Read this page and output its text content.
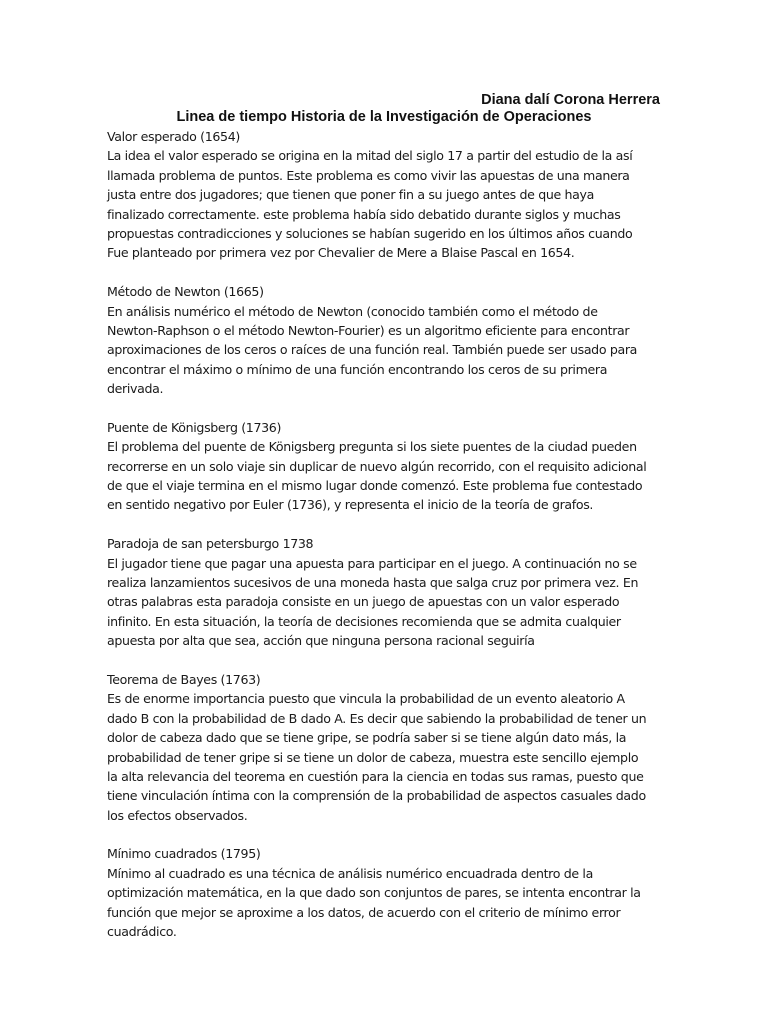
Diana dalí Corona Herrera
Linea de tiempo Historia de la Investigación de Operaciones
Valor esperado (1654)
La idea el valor esperado se origina en la mitad del siglo 17 a partir del estudio de la así
llamada problema de puntos. Este problema es como vivir las apuestas de una manera
justa entre dos jugadores; que tienen que poner fin a su juego antes de que haya
finalizado correctamente. este problema había sido debatido durante siglos y muchas
propuestas contradicciones y soluciones se habían sugerido en los últimos años cuando
Fue planteado por primera vez por Chevalier de Mere a Blaise Pascal en 1654.
Método de Newton (1665)
En análisis numérico el método de Newton (conocido también como el método de
Newton-Raphson o el método Newton-Fourier) es un algoritmo eficiente para encontrar
aproximaciones de los ceros o raíces de una función real. También puede ser usado para
encontrar el máximo o mínimo de una función encontrando los ceros de su primera
derivada.
Puente de Königsberg (1736)
El problema del puente de Königsberg pregunta si los siete puentes de la ciudad pueden
recorrerse en un solo viaje sin duplicar de nuevo algún recorrido, con el requisito adicional
de que el viaje termina en el mismo lugar donde comenzó. Este problema fue contestado
en sentido negativo por Euler (1736), y representa el inicio de la teoría de grafos.
Paradoja de san petersburgo 1738
El jugador tiene que pagar una apuesta para participar en el juego. A continuación no se
realiza lanzamientos sucesivos de una moneda hasta que salga cruz por primera vez. En
otras palabras esta paradoja consiste en un juego de apuestas con un valor esperado
infinito. En esta situación, la teoría de decisiones recomienda que se admita cualquier
apuesta por alta que sea, acción que ninguna persona racional seguiría
Teorema de Bayes (1763)
Es de enorme importancia puesto que vincula la probabilidad de un evento aleatorio A
dado B con la probabilidad de B dado A. Es decir que sabiendo la probabilidad de tener un
dolor de cabeza dado que se tiene gripe, se podría saber si se tiene algún dato más, la
probabilidad de tener gripe si se tiene un dolor de cabeza, muestra este sencillo ejemplo
la alta relevancia del teorema en cuestión para la ciencia en todas sus ramas, puesto que
tiene vinculación íntima con la comprensión de la probabilidad de aspectos casuales dado
los efectos observados.
Mínimo cuadrados (1795)
Mínimo al cuadrado es una técnica de análisis numérico encuadrada dentro de la
optimización matemática, en la que dado son conjuntos de pares, se intenta encontrar la
función que mejor se aproxime a los datos, de acuerdo con el criterio de mínimo error
cuadrádico.
